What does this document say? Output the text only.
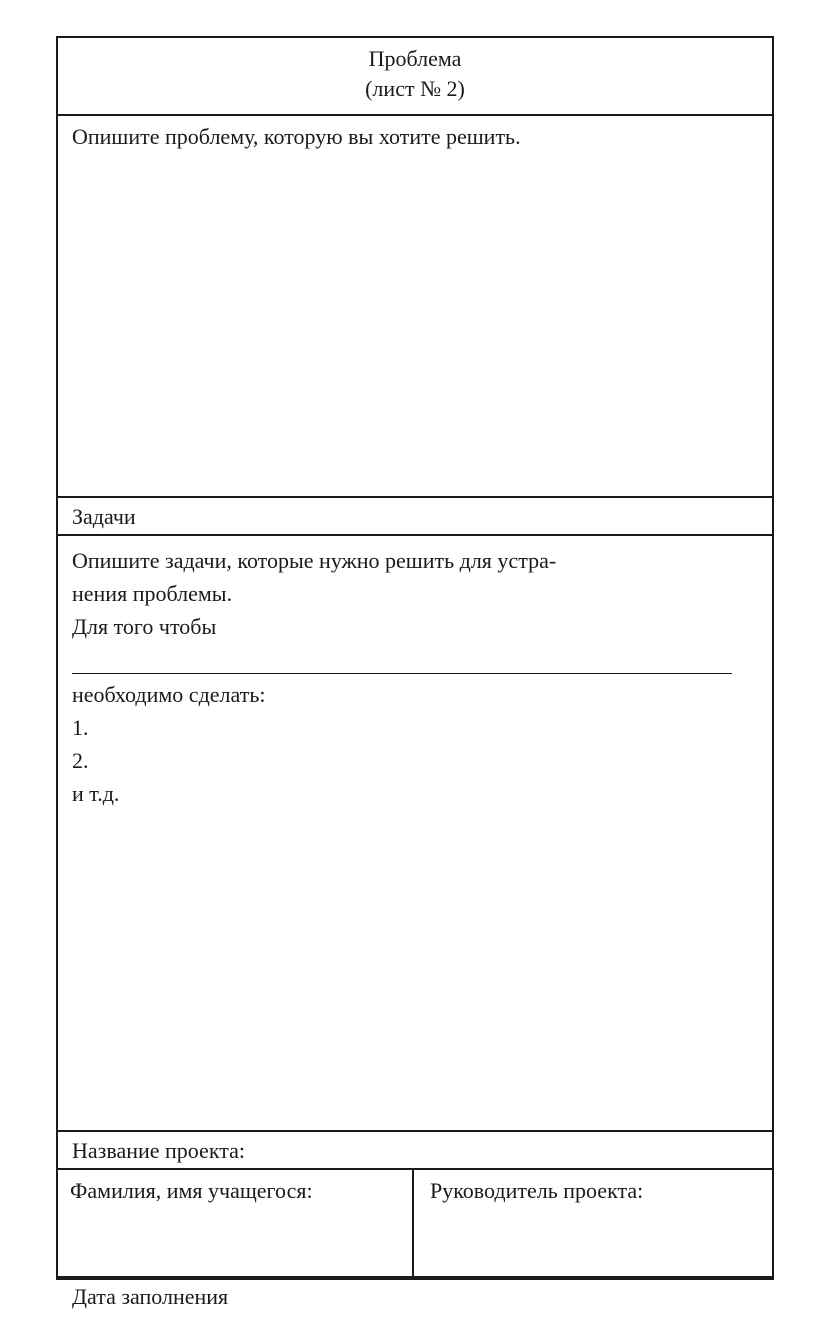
Проблема
(лист № 2)
Опишите проблему, которую вы хотите решить.
Задачи
Опишите задачи, которые нужно решить для устра-
нения проблемы.
Для того чтобы
необходимо сделать:
1.
2.
и т.д.
Название проекта:
Фамилия, имя учащегося:	Руководитель проекта:
Дата заполнения
